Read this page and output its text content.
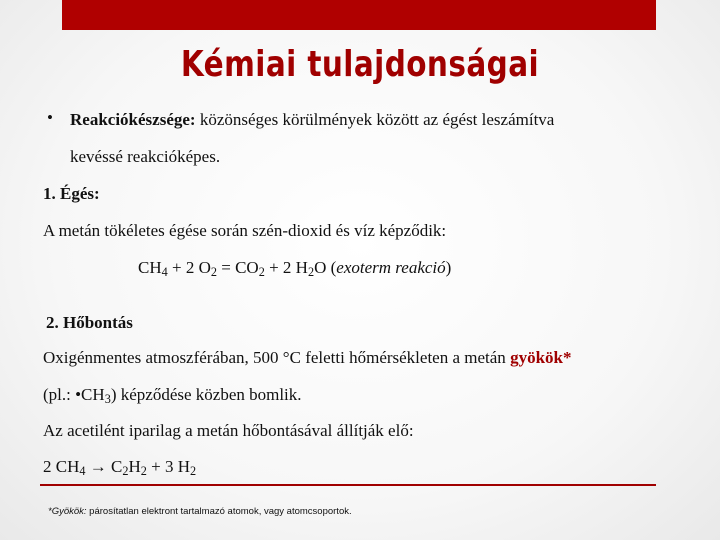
Kémiai tulajdonságai
• Reakciókészsége: közönséges körülmények között az égést leszámítva
kevéssé reakcióképes.
1. Égés:
A metán tökéletes égése során szén-dioxid és víz képződik:
$CH_4 + 2$ $O_2 = CO_2 + 2$ $H_2O$ (exoterm reakció)
2. Hőbontás
Oxigénmentes atmoszférában, 500 °C feletti hőmérsékleten a metán gyökök*
(pl.: $•CH_3$) képződése közben bomlik.
Az acetilént iparilag a metán hőbontásával állítják elő:
2 $CH_4 \to C_2H_2 + 3$ $H_2$
*Gyökök: párosítatlan elektront tartalmazó atomok, vagy atomcsoportok.
